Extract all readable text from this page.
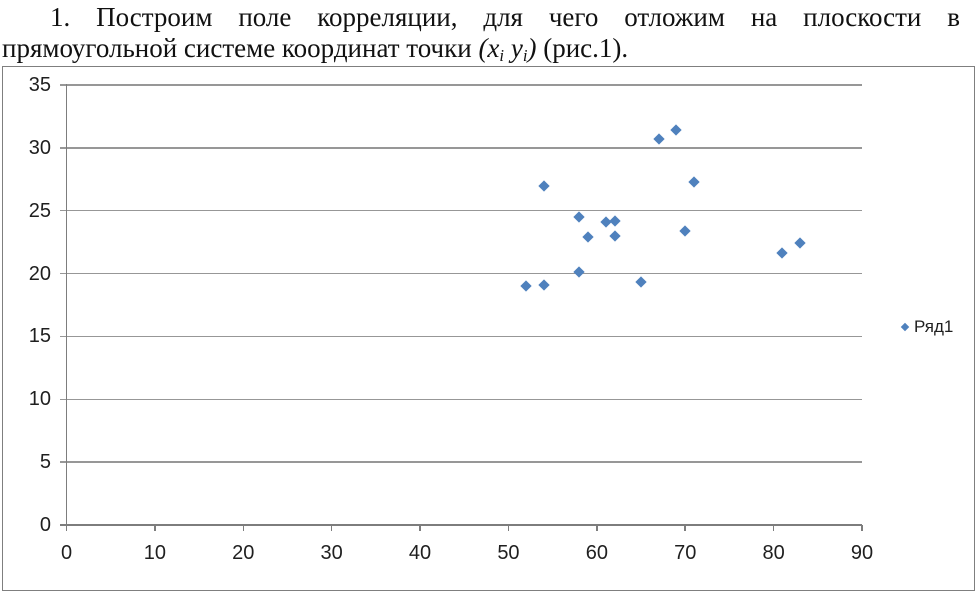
1. Построим поле корреляции, для чего отложим на плоскости в
прямоугольной системе координат точки ($x_i$ $y_i$) (рис.1).
Ряд1
0
5
10
15
20
25
30
35
0	10	20	30	40	50	60	70	80	90
